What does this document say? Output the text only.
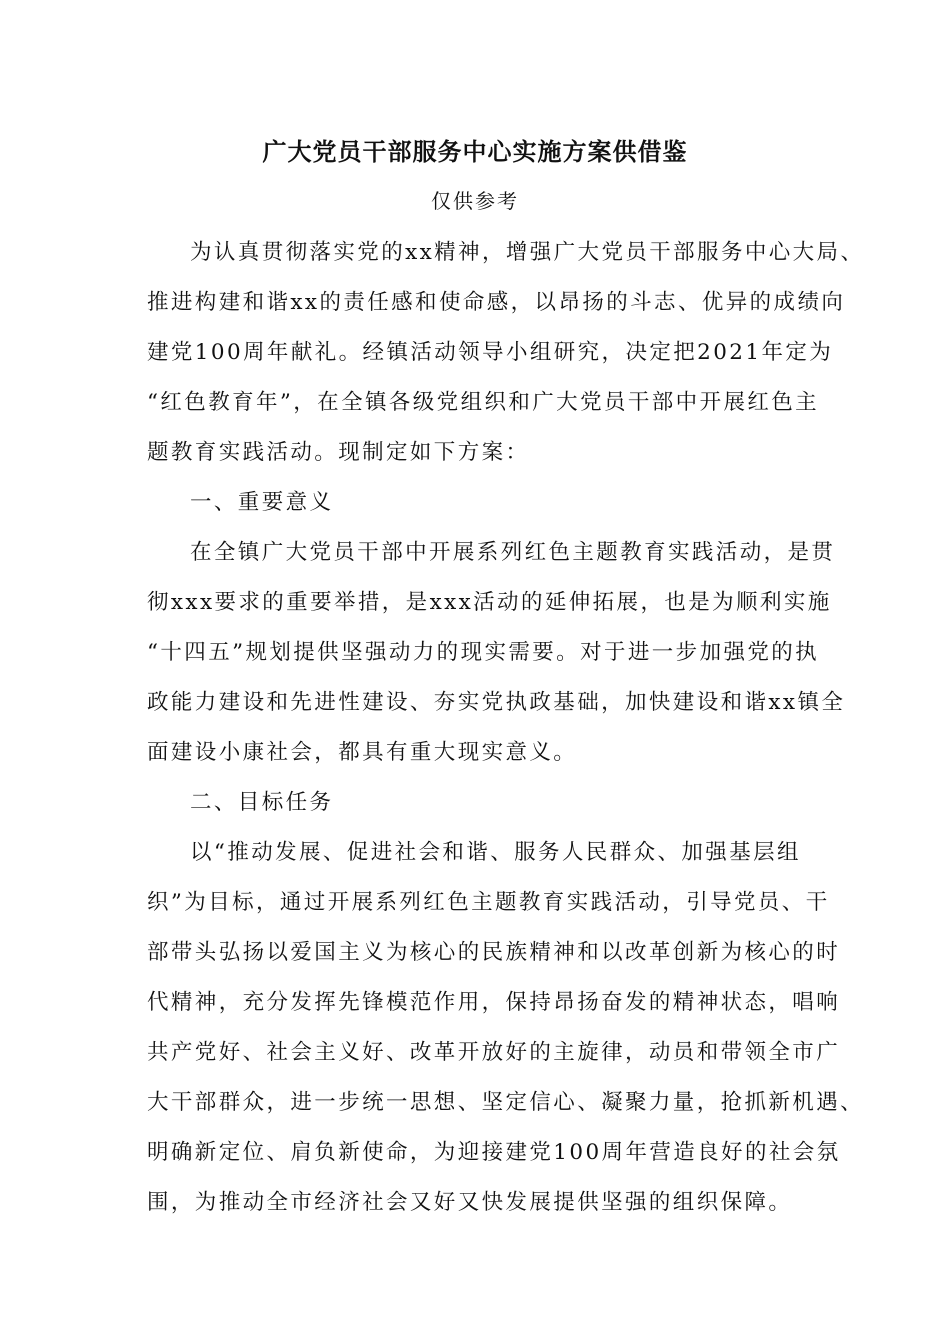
广大党员干部服务中心实施方案供借鉴
仅供参考
为认真贯彻落实党的xx精神，增强广大党员干部服务中心大局、
推进构建和谐xx的责任感和使命感，以昂扬的斗志、优异的成绩向
建党100周年献礼。经镇活动领导小组研究，决定把2021年定为
“红色教育年”，在全镇各级党组织和广大党员干部中开展红色主
题教育实践活动。现制定如下方案：
一、重要意义
在全镇广大党员干部中开展系列红色主题教育实践活动，是贯
彻xxx要求的重要举措，是xxx活动的延伸拓展，也是为顺利实施
“十四五”规划提供坚强动力的现实需要。对于进一步加强党的执
政能力建设和先进性建设、夯实党执政基础，加快建设和谐xx镇全
面建设小康社会，都具有重大现实意义。
二、目标任务
以“推动发展、促进社会和谐、服务人民群众、加强基层组
织”为目标，通过开展系列红色主题教育实践活动，引导党员、干
部带头弘扬以爱国主义为核心的民族精神和以改革创新为核心的时
代精神，充分发挥先锋模范作用，保持昂扬奋发的精神状态，唱响
共产党好、社会主义好、改革开放好的主旋律，动员和带领全市广
大干部群众，进一步统一思想、坚定信心、凝聚力量，抢抓新机遇、
明确新定位、肩负新使命，为迎接建党100周年营造良好的社会氛
围，为推动全市经济社会又好又快发展提供坚强的组织保障。
